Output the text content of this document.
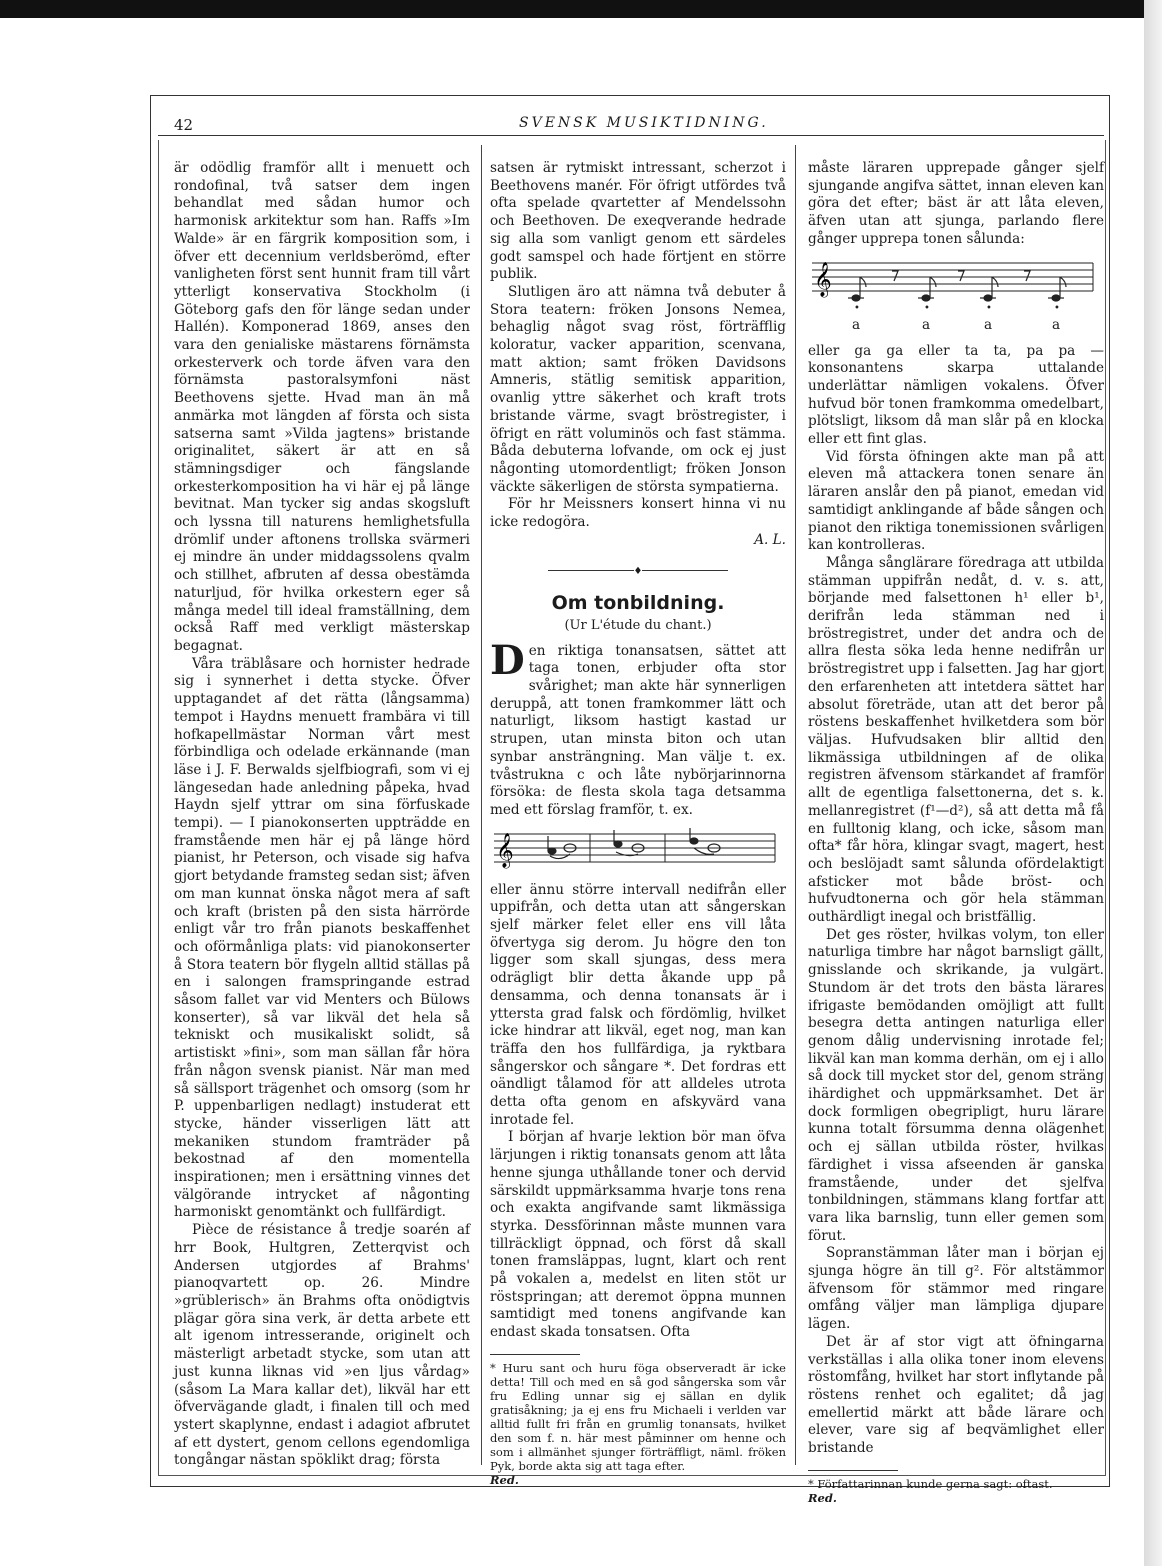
42	SVENSK MUSIKTIDNING.

är odödlig framför allt i menuett och rondofinal, två satser dem ingen behandlat med sådan humor och harmonisk arkitektur som han. Raffs »Im Walde» är en färgrik komposition som, i öfver ett decennium verldsberömd, efter vanligheten först sent hunnit fram till vårt ytterligt konservativa Stockholm (i Göteborg gafs den för länge sedan under Hallén). Komponerad 1869, anses den vara den genialiske mästarens förnämsta orkesterverk och torde äfven vara den förnämsta pastoralsymfoni näst Beethovens sjette. Hvad man än må anmärka mot längden af första och sista satserna samt »Vilda jagtens» bristande originalitet, säkert är att en så stämningsdiger och fängslande orkesterkomposition ha vi här ej på länge bevitnat. Man tycker sig andas skogsluft och lyssna till naturens hemlighetsfulla drömlif under aftonens trollska svärmeri ej mindre än under middagssolens qvalm och stillhet, afbruten af dessa obestämda naturljud, för hvilka orkestern eger så många medel till ideal framställning, dem också Raff med verkligt mästerskap begagnat.

Våra träblåsare och hornister hedrade sig i synnerhet i detta stycke. Öfver upptagandet af det rätta (långsamma) tempot i Haydns menuett frambära vi till hofkapellmästar Norman vårt mest förbindliga och odelade erkännande (man läse i J. F. Berwalds sjelfbiografi, som vi ej längesedan hade anledning påpeka, hvad Haydn sjelf yttrar om sina förfuskade tempi). — I pianokonserten uppträdde en framstående men här ej på länge hörd pianist, hr Peterson, och visade sig hafva gjort betydande framsteg sedan sist; äfven om man kunnat önska något mera af saft och kraft (bristen på den sista härrörde enligt vår tro från pianots beskaffenhet och oförmånliga plats: vid pianokonserter å Stora teatern bör flygeln alltid ställas på en i salongen framspringande estrad såsom fallet var vid Menters och Bülows konserter), så var likväl det hela så tekniskt och musikaliskt solidt, så artistiskt »fini», som man sällan får höra från någon svensk pianist. När man med så sällsport trägenhet och omsorg (som hr P. uppenbarligen nedlagt) instuderat ett stycke, händer visserligen lätt att mekaniken stundom framträder på bekostnad af den momentella inspirationen; men i ersättning vinnes det välgörande intrycket af någonting harmoniskt genomtänkt och fullfärdigt.

Pièce de résistance å tredje soarén af hrr Book, Hultgren, Zetterqvist och Andersen utgjordes af Brahms' pianoqvartett op. 26. Mindre »grüblerisch» än Brahms ofta onödigtvis plägar göra sina verk, är detta arbete ett alt igenom intresserande, originelt och mästerligt arbetadt stycke, som utan att just kunna liknas vid »en ljus vårdag» (såsom La Mara kallar det), likväl har ett öfvervägande gladt, i finalen till och med ystert skaplynne, endast i adagiot afbrutet af ett dystert, genom cellons egendomliga tongångar nästan spöklikt drag; första

satsen är rytmiskt intressant, scherzot i Beethovens manér. För öfrigt utfördes två ofta spelade qvartetter af Mendelssohn och Beethoven. De exeqverande hedrade sig alla som vanligt genom ett särdeles godt samspel och hade förtjent en större publik.

Slutligen äro att nämna två debuter å Stora teatern: fröken Jonsons Nemea, behaglig något svag röst, förträfflig koloratur, vacker apparition, scenvana, matt aktion; samt fröken Davidsons Amneris, stätlig semitisk apparition, ovanlig yttre säkerhet och kraft trots bristande värme, svagt bröstregister, i öfrigt en rätt voluminös och fast stämma. Båda debuterna lofvande, om ock ej just någonting utomordentligt; fröken Jonson väckte säkerligen de största sympatierna.

För hr Meissners konsert hinna vi nu icke redogöra.

A. L.

♦
Om tonbildning.
(Ur L'étude du chant.)

D en riktiga tonansatsen, sättet att taga tonen, erbjuder ofta stor svårighet; man akte här synnerligen deruppå, att tonen framkommer lätt och naturligt, liksom hastigt kastad ur strupen, utan minsta biton och utan synbar ansträngning. Man välje t. ex. tvåstrukna c och låte nybörjarinnorna försöka: de flesta skola taga detsamma med ett förslag framför, t. ex.

𝄞

eller ännu större intervall nedifrån eller uppifrån, och detta utan att sångerskan sjelf märker felet eller ens vill låta öfvertyga sig derom. Ju högre den ton ligger som skall sjungas, dess mera odrägligt blir detta åkande upp på densamma, och denna tonansats är i yttersta grad falsk och fördömlig, hvilket icke hindrar att likväl, eget nog, man kan träffa den hos fullfärdiga, ja ryktbara sångerskor och sångare *. Det fordras ett oändligt tålamod för att alldeles utrota detta ofta genom en afskyvärd vana inrotade fel.

I början af hvarje lektion bör man öfva lärjungen i riktig tonansats genom att låta henne sjunga uthållande toner och dervid särskildt uppmärksamma hvarje tons rena och exakta angifvande samt likmässiga styrka. Dessförinnan måste munnen vara tillräckligt öppnad, och först då skall tonen framsläppas, lugnt, klart och rent på vokalen a, medelst en liten stöt ur röstspringan; att deremot öppna munnen samtidigt med tonens angifvande kan endast skada tonsatsen. Ofta

* Huru sant och huru föga observeradt är icke detta! Till och med en så god sångerska som vår fru Edling unnar sig ej sällan en dylik gratisåkning; ja ej ens fru Michaeli i verlden var alltid fullt fri från en grumlig tonansats, hvilket den som f. n. här mest påminner om henne och som i allmänhet sjunger förträffligt, näml. fröken Pyk, borde akta sig att taga efter.

Red.

måste läraren upprepade gånger sjelf sjungande angifva sättet, innan eleven kan göra det efter; bäst är att låta eleven, äfven utan att sjunga, parlando flere gånger upprepa tonen sålunda:

𝄞
•	•	•	•
a	a	a	a

eller ga ga eller ta ta, pa pa — konsonantens skarpa uttalande underlättar nämligen vokalens. Öfver hufvud bör tonen framkomma omedelbart, plötsligt, liksom då man slår på en klocka eller ett fint glas.

Vid första öfningen akte man på att eleven må attackera tonen senare än läraren anslår den på pianot, emedan vid samtidigt anklingande af både sången och pianot den riktiga tonemissionen svårligen kan kontrolleras.

Många sånglärare föredraga att utbilda stämman uppifrån nedåt, d. v. s. att, börjande med falsettonen h¹ eller b¹, derifrån leda stämman ned i bröstregistret, under det andra och de allra flesta söka leda henne nedifrån ur bröstregistret upp i falsetten. Jag har gjort den erfarenheten att intetdera sättet har absolut företräde, utan att det beror på röstens beskaffenhet hvilketdera som bör väljas. Hufvudsaken blir alltid den likmässiga utbildningen af de olika registren äfvensom stärkandet af framför allt de egentliga falsettonerna, det s. k. mellanregistret (f¹—d²), så att detta må få en fulltonig klang, och icke, såsom man ofta* får höra, klingar svagt, magert, hest och beslöjadt samt sålunda ofördelaktigt afsticker mot både bröst- och hufvudtonerna och gör hela stämman outhärdligt inegal och bristfällig.

Det ges röster, hvilkas volym, ton eller naturliga timbre har något barnsligt gällt, gnisslande och skrikande, ja vulgärt. Stundom är det trots den bästa lärares ifrigaste bemödanden omöjligt att fullt besegra detta antingen naturliga eller genom dålig undervisning inrotade fel; likväl kan man komma derhän, om ej i allo så dock till mycket stor del, genom sträng ihärdighet och uppmärksamhet. Det är dock formligen obegripligt, huru lärare kunna totalt försumma denna olägenhet och ej sällan utbilda röster, hvilkas färdighet i vissa afseenden är ganska framstående, under det sjelfva tonbildningen, stämmans klang fortfar att vara lika barnslig, tunn eller gemen som förut.

Sopranstämman låter man i början ej sjunga högre än till g². För altstämmor äfvensom för stämmor med ringare omfång väljer man lämpliga djupare lägen.

Det är af stor vigt att öfningarna verkställas i alla olika toner inom elevens röstomfång, hvilket har stort inflytande på röstens renhet och egalitet; då jag emellertid märkt att både lärare och elever, vare sig af beqvämlighet eller bristande

* Författarinnan kunde gerna sagt: oftast.

Red.
